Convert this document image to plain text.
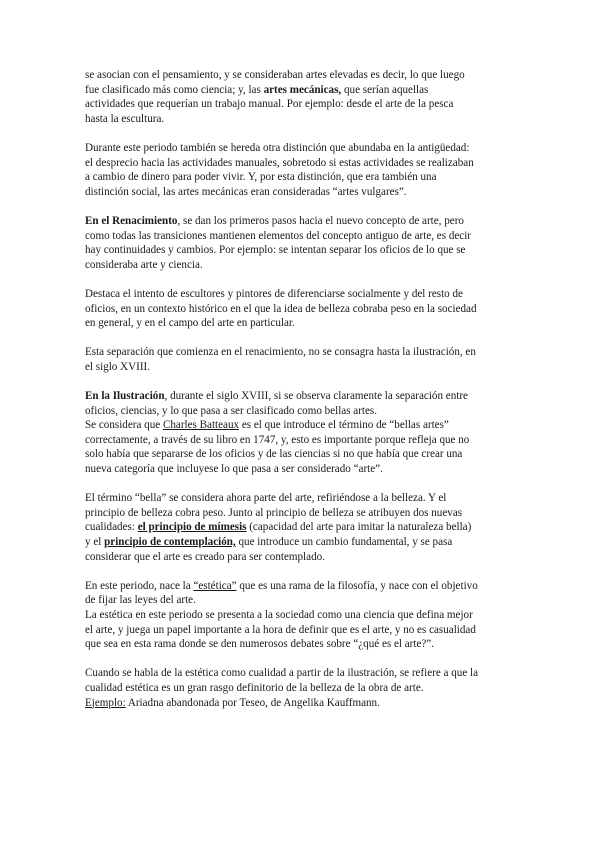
se asocian con el pensamiento, y se consideraban artes elevadas es decir, lo que luego
fue clasificado más como ciencia; y, las artes mecánicas, que serían aquellas
actividades que requerían un trabajo manual. Por ejemplo: desde el arte de la pesca
hasta la escultura.
Durante este periodo también se hereda otra distinción que abundaba en la antigüedad:
el desprecio hacia las actividades manuales, sobretodo si estas actividades se realizaban
a cambio de dinero para poder vivir. Y, por esta distinción, que era también una
distinción social, las artes mecánicas eran consideradas “artes vulgares”.
En el Renacimiento, se dan los primeros pasos hacia el nuevo concepto de arte, pero
como todas las transiciones mantienen elementos del concepto antiguo de arte, es decir
hay continuidades y cambios. Por ejemplo: se intentan separar los oficios de lo que se
consideraba arte y ciencia.
Destaca el intento de escultores y pintores de diferenciarse socialmente y del resto de
oficios, en un contexto histórico en el que la idea de belleza cobraba peso en la sociedad
en general, y en el campo del arte en particular.
Esta separación que comienza en el renacimiento, no se consagra hasta la ilustración, en
el siglo XVIII.
En la Ilustración, durante el siglo XVIII, si se observa claramente la separación entre
oficios, ciencias, y lo que pasa a ser clasificado como bellas artes.
Se considera que Charles Batteaux es el que introduce el término de “bellas artes”
correctamente, a través de su libro en 1747, y, esto es importante porque refleja que no
solo había que separarse de los oficios y de las ciencias si no que había que crear una
nueva categoría que incluyese lo que pasa a ser considerado “arte”.
El término “bella” se considera ahora parte del arte, refiriéndose a la belleza. Y el
principio de belleza cobra peso. Junto al principio de belleza se atribuyen dos nuevas
cualidades: el principio de mímesis (capacidad del arte para imitar la naturaleza bella)
y el principio de contemplación, que introduce un cambio fundamental, y se pasa
considerar que el arte es creado para ser contemplado.
En este periodo, nace la “estética” que es una rama de la filosofía, y nace con el objetivo
de fijar las leyes del arte.
La estética en este periodo se presenta a la sociedad como una ciencia que defina mejor
el arte, y juega un papel importante a la hora de definir que es el arte, y no es casualidad
que sea en esta rama donde se den numerosos debates sobre “¿qué es el arte?”.
Cuando se habla de la estética como cualidad a partir de la ilustración, se refiere a que la
cualidad estética es un gran rasgo definitorio de la belleza de la obra de arte.
Ejemplo: Ariadna abandonada por Teseo, de Angelika Kauffmann.
